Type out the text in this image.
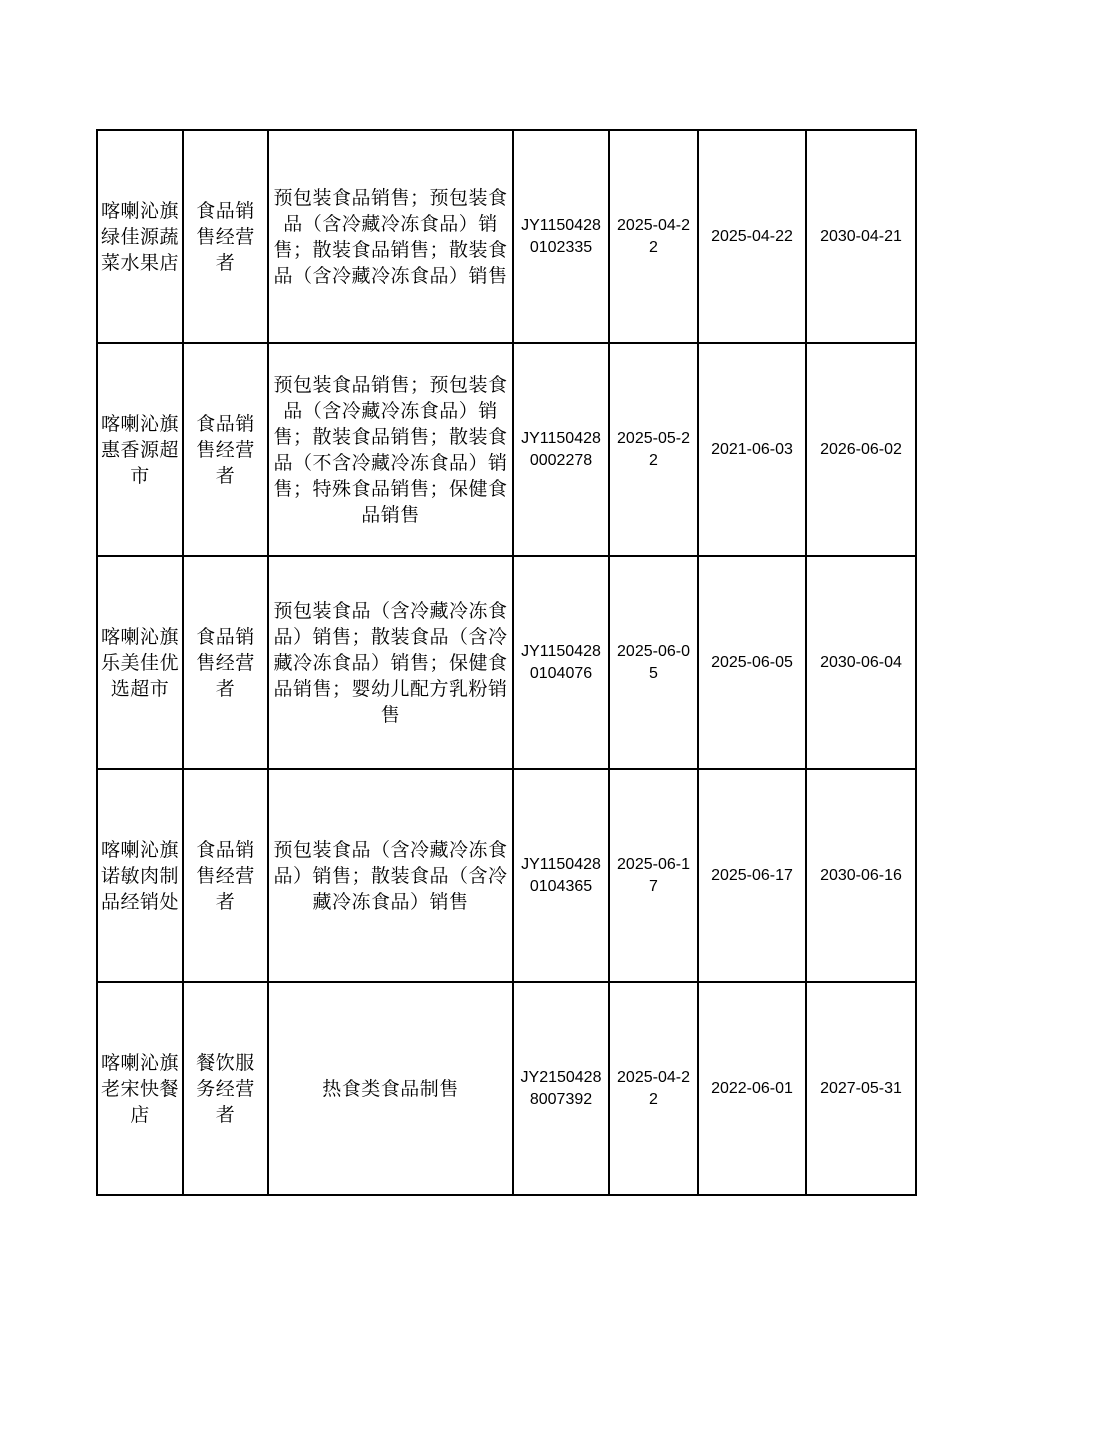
喀喇沁旗绿佳源蔬菜水果店	食品销售经营者	预包装食品销售；预包装食品（含冷藏冷冻食品）销售；散装食品销售；散装食品（含冷藏冷冻食品）销售	JY11504280102335	2025-04-22	2025-04-22	2030-04-21

喀喇沁旗惠香源超市	食品销售经营者	预包装食品销售；预包装食品（含冷藏冷冻食品）销售；散装食品销售；散装食品（不含冷藏冷冻食品）销售；特殊食品销售；保健食品销售	JY11504280002278	2025-05-22	2021-06-03	2026-06-02

喀喇沁旗乐美佳优选超市	食品销售经营者	预包装食品（含冷藏冷冻食品）销售；散装食品（含冷藏冷冻食品）销售；保健食品销售；婴幼儿配方乳粉销售	JY11504280104076	2025-06-05	2025-06-05	2030-06-04

喀喇沁旗诺敏肉制品经销处	食品销售经营者	预包装食品（含冷藏冷冻食品）销售；散装食品（含冷藏冷冻食品）销售	JY11504280104365	2025-06-17	2025-06-17	2030-06-16

喀喇沁旗老宋快餐店	餐饮服务经营者	热食类食品制售	JY21504288007392	2025-04-22	2022-06-01	2027-05-31
